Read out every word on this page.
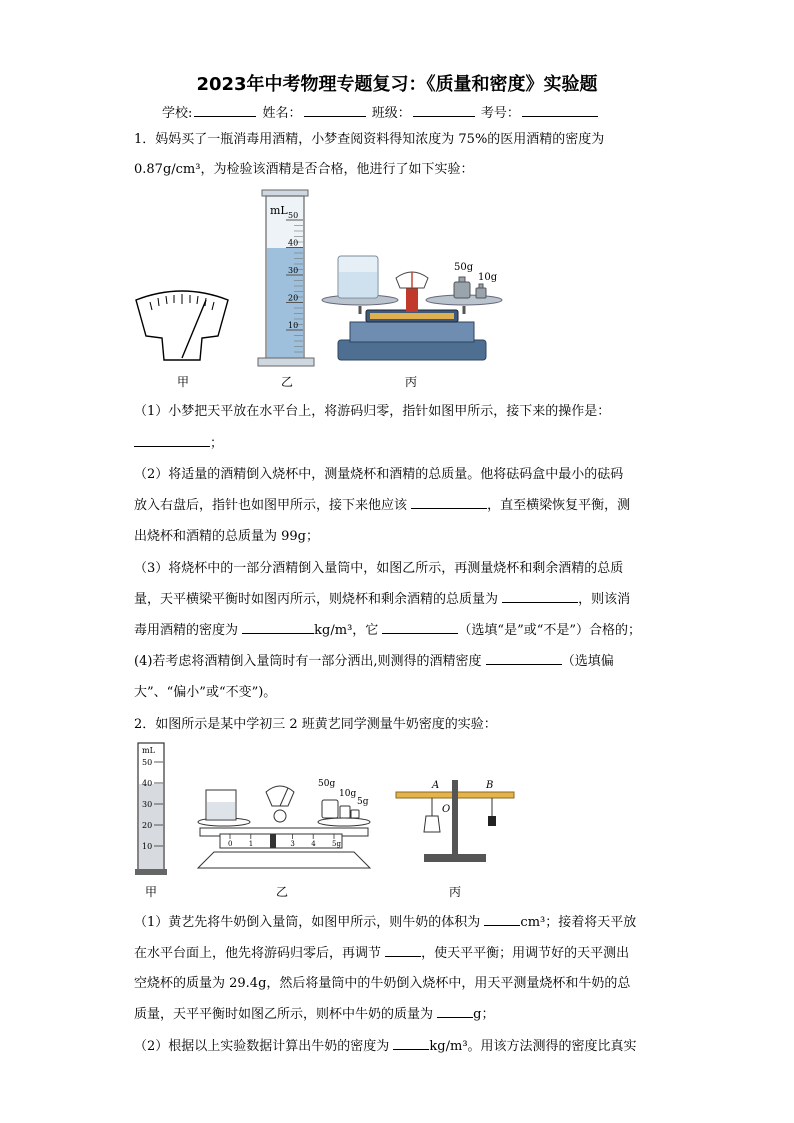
2023年中考物理专题复习：《质量和密度》实验题
学校:	姓名：	班级：	考号：
1．妈妈买了一瓶消毒用酒精，小梦查阅资料得知浓度为 75%的医用酒精的密度为
0.87g/cm³，为检验该酒精是否合格，他进行了如下实验：
甲
mL 50
40
30
20
10
乙
50g
10g
丙
（1）小梦把天平放在水平台上，将游码归零，指针如图甲所示，接下来的操作是：
；
（2）将适量的酒精倒入烧杯中，测量烧杯和酒精的总质量。他将砝码盒中最小的砝码
放入右盘后，指针也如图甲所示，接下来他应该	，直至横梁恢复平衡，测
出烧杯和酒精的总质量为 99g；
（3）将烧杯中的一部分酒精倒入量筒中，如图乙所示，再测量烧杯和剩余酒精的总质
量，天平横梁平衡时如图丙所示，则烧杯和剩余酒精的总质量为	，则该消
毒用酒精的密度为	kg/m³，它	（选填“是”或“不是”）合格的；
(4)若考虑将酒精倒入量筒时有一部分洒出,则测得的酒精密度	（选填偏
大”、“偏小”或“不变”)。
2．如图所示是某中学初三 2 班黄艺同学测量牛奶密度的实验：
mL
50
40
30
20
10
甲
50g
10g
5g
0 1	3 4 5g
乙
A	B
O
丙
（1）黄艺先将牛奶倒入量筒，如图甲所示，则牛奶的体积为	cm³；接着将天平放
在水平台面上，他先将游码归零后，再调节	，使天平平衡；用调节好的天平测出
空烧杯的质量为 29.4g，然后将量筒中的牛奶倒入烧杯中，用天平测量烧杯和牛奶的总
质量，天平平衡时如图乙所示，则杯中牛奶的质量为	g；
（2）根据以上实验数据计算出牛奶的密度为	kg/m³。用该方法测得的密度比真实
